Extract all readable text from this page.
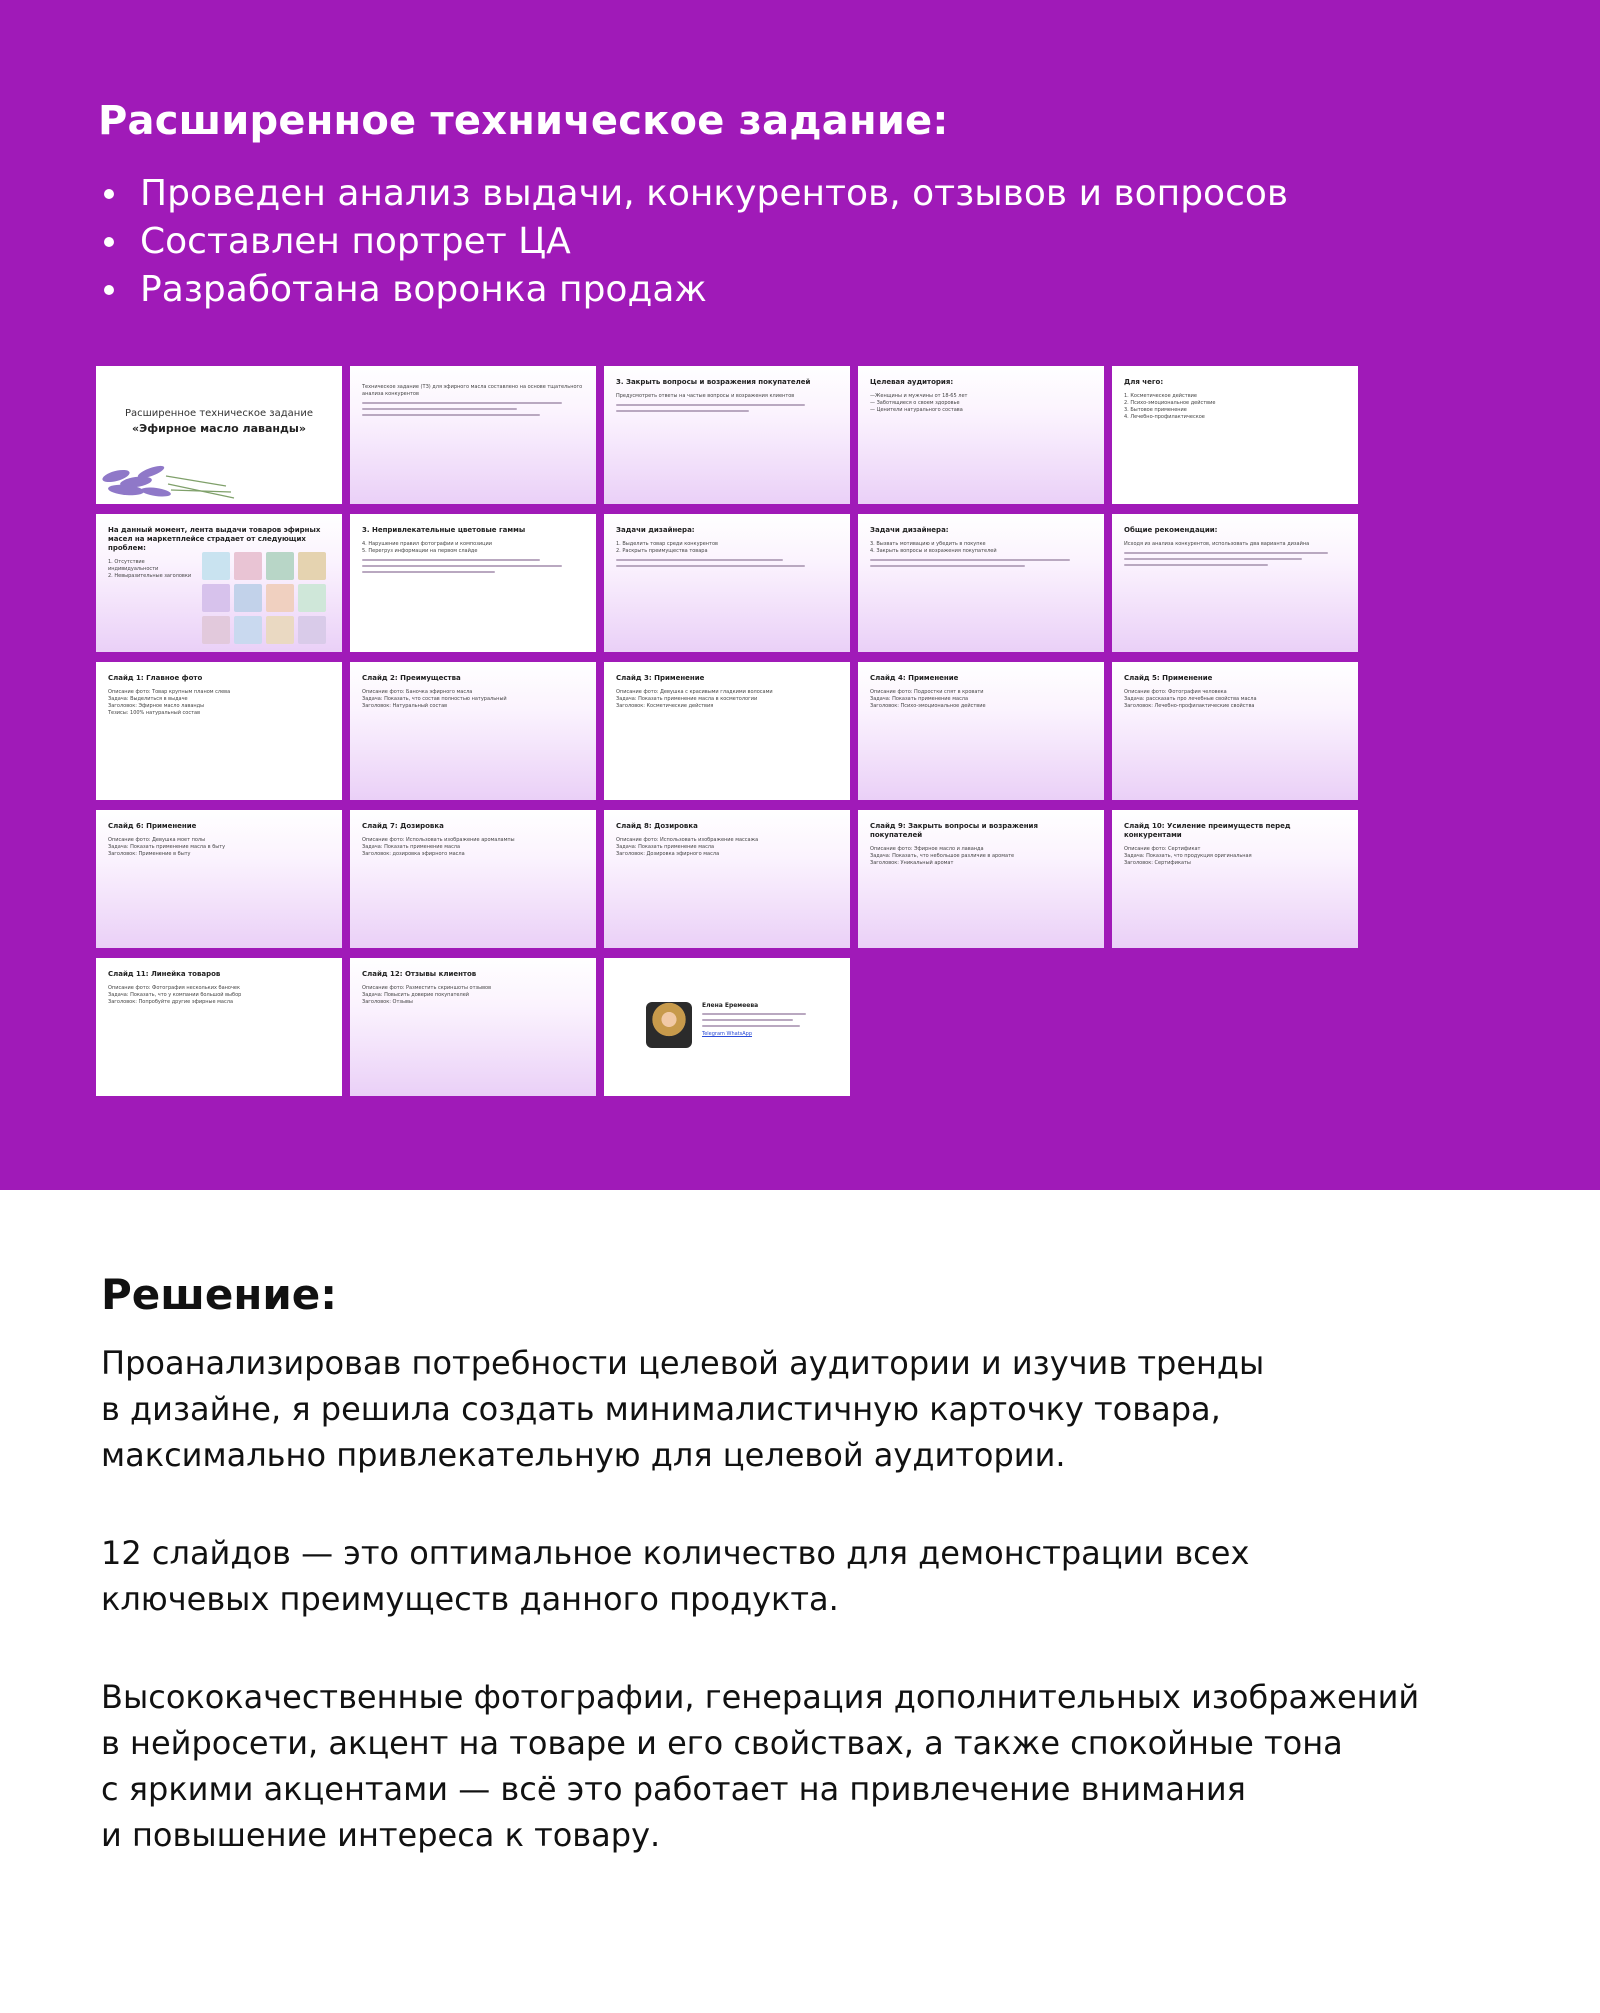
Расширенное техническое задание:
Проведен анализ выдачи, конкурентов, отзывов и вопросов
Составлен портрет ЦА
Разработана воронка продаж
Расширенное техническое задание
«Эфирное масло лаванды»
Техническое задание (ТЗ) для эфирного масла составлено на основе тщательного анализа конкурентов
3. Закрыть вопросы и возражения покупателей
Предусмотреть ответы на частые вопросы и возражения клиентов
Целевая аудитория:
—Женщины и мужчины от 18-65 лет
— Заботящиеся о своем здоровье
— Ценители натурального состава
Для чего:
1. Косметическое действие
2. Психо-эмоциональное действие
3. Бытовое применение
4. Лечебно-профилактическое
На данный момент, лента выдачи товаров эфирных масел на маркетплейсе страдает от следующих проблем:
1. Отсутствие индивидуальности
2. Невыразительные заголовки
3. Непривлекательные цветовые гаммы
4. Нарушение правил фотографии и композиции
5. Перегруз информации на первом слайде
Задачи дизайнера:
1. Выделить товар среди конкурентов
2. Раскрыть преимущества товара
Задачи дизайнера:
3. Вызвать мотивацию и убедить в покупке
4. Закрыть вопросы и возражения покупателей
Общие рекомендации:
Исходя из анализа конкурентов, использовать два варианта дизайна
Слайд 1: Главное фото
Описание фото: Товар крупным планом слева
Задача: Выделиться в выдаче
Заголовок: Эфирное масло лаванды
Тезисы: 100% натуральный состав
Слайд 2: Преимущества
Описание фото: Баночка эфирного масла
Задача: Показать, что состав полностью натуральный
Заголовок: Натуральный состав
Слайд 3: Применение
Описание фото: Девушка с красивыми гладкими волосами
Задача: Показать применение масла в косметологии
Заголовок: Косметические действия
Слайд 4: Применение
Описание фото: Подростки спят в кровати
Задача: Показать применение масла
Заголовок: Психо-эмоциональное действие
Слайд 5: Применение
Описание фото: Фотография человека
Задача: рассказать про лечебные свойства масла
Заголовок: Лечебно-профилактические свойства
Слайд 6: Применение
Описание фото: Девушка моет полы
Задача: Показать применение масла в быту
Заголовок: Применение в быту
Слайд 7: Дозировка
Описание фото: Использовать изображение аромалампы
Задача: Показать применение масла
Заголовок: дозировка эфирного масла
Слайд 8: Дозировка
Описание фото: Использовать изображение массажа
Задача: Показать применение масла
Заголовок: Дозировка эфирного масла
Слайд 9: Закрыть вопросы и возражения покупателей
Описание фото: Эфирное масло и лаванда
Задача: Показать, что небольшое различие в аромате
Заголовок: Уникальный аромат
Слайд 10: Усиление преимуществ перед конкурентами
Описание фото: Сертификат
Задача: Показать, что продукция оригинальная
Заголовок: Сертификаты
Слайд 11: Линейка товаров
Описание фото: Фотография нескольких баночек
Задача: Показать, что у компании большой выбор
Заголовок: Попробуйте другие эфирные масла
Слайд 12: Отзывы клиентов
Описание фото: Разместить скриншоты отзывов
Задача: Повысить доверие покупателей
Заголовок: Отзывы	Елена Еремеева
Telegram WhatsApp
Решение:

Проанализировав потребности целевой аудитории и изучив тренды
в дизайне, я решила создать минималистичную карточку товара,
максимально привлекательную для целевой аудитории.

12 слайдов — это оптимальное количество для демонстрации всех
ключевых преимуществ данного продукта.

Высококачественные фотографии, генерация дополнительных изображений
в нейросети, акцент на товаре и его свойствах, а также спокойные тона
с яркими акцентами — всё это работает на привлечение внимания
и повышение интереса к товару.
